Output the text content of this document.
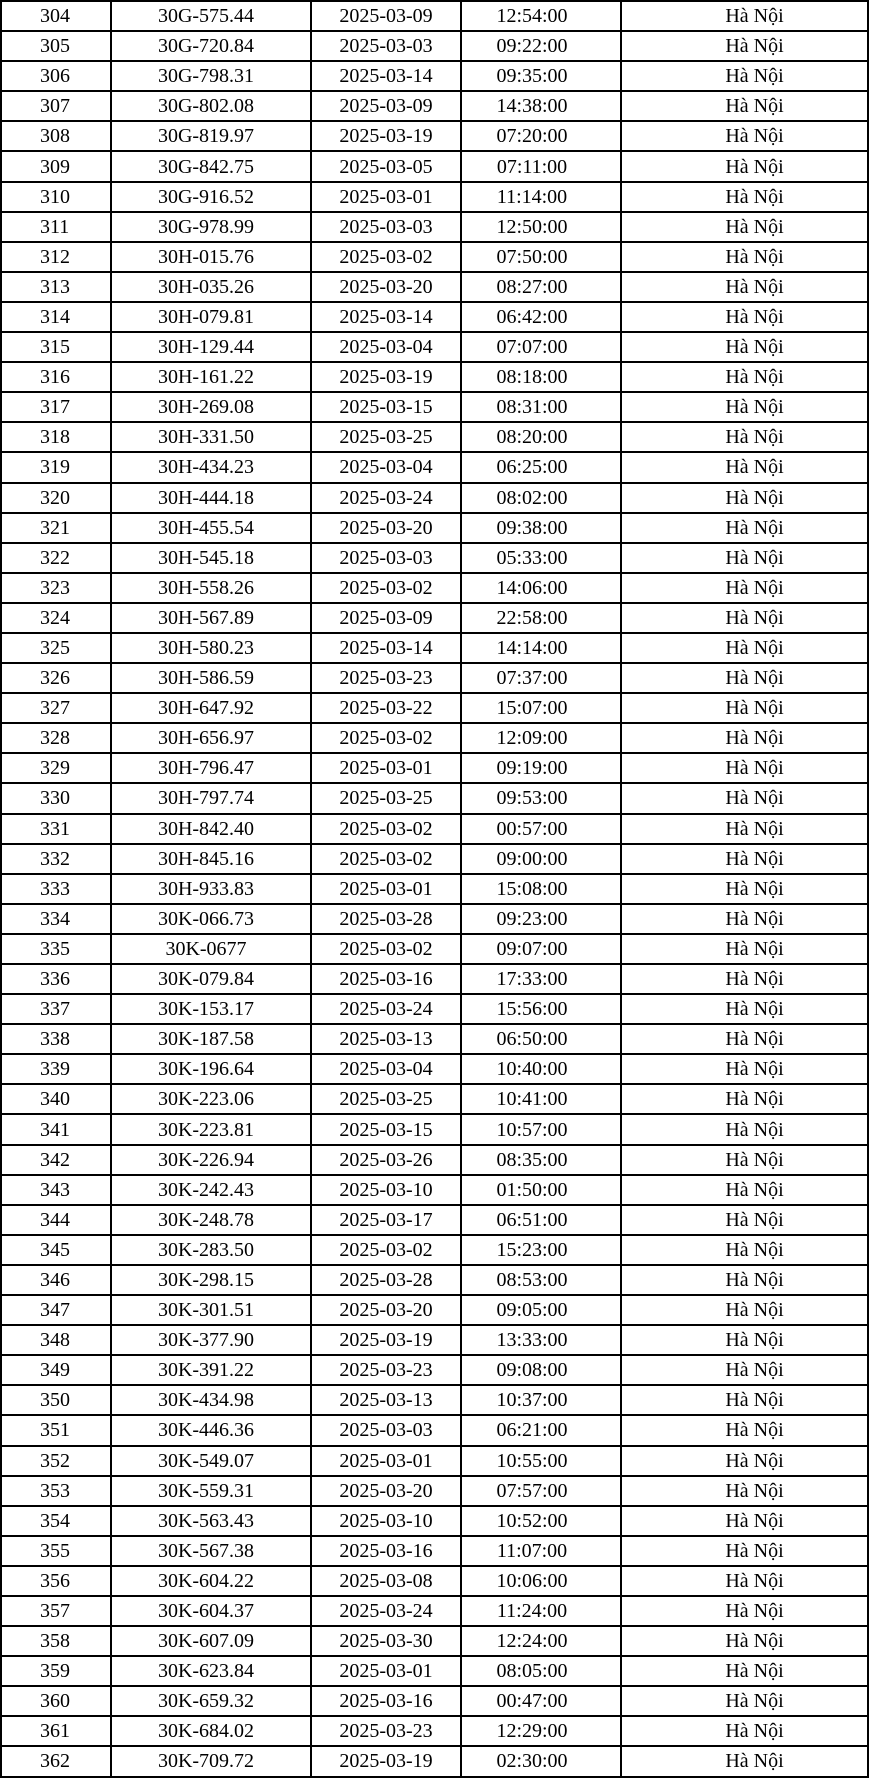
304	30G-575.44	2025-03-09	12:54:00	Hà Nội
305	30G-720.84	2025-03-03	09:22:00	Hà Nội
306	30G-798.31	2025-03-14	09:35:00	Hà Nội
307	30G-802.08	2025-03-09	14:38:00	Hà Nội
308	30G-819.97	2025-03-19	07:20:00	Hà Nội
309	30G-842.75	2025-03-05	07:11:00	Hà Nội
310	30G-916.52	2025-03-01	11:14:00	Hà Nội
311	30G-978.99	2025-03-03	12:50:00	Hà Nội
312	30H-015.76	2025-03-02	07:50:00	Hà Nội
313	30H-035.26	2025-03-20	08:27:00	Hà Nội
314	30H-079.81	2025-03-14	06:42:00	Hà Nội
315	30H-129.44	2025-03-04	07:07:00	Hà Nội
316	30H-161.22	2025-03-19	08:18:00	Hà Nội
317	30H-269.08	2025-03-15	08:31:00	Hà Nội
318	30H-331.50	2025-03-25	08:20:00	Hà Nội
319	30H-434.23	2025-03-04	06:25:00	Hà Nội
320	30H-444.18	2025-03-24	08:02:00	Hà Nội
321	30H-455.54	2025-03-20	09:38:00	Hà Nội
322	30H-545.18	2025-03-03	05:33:00	Hà Nội
323	30H-558.26	2025-03-02	14:06:00	Hà Nội
324	30H-567.89	2025-03-09	22:58:00	Hà Nội
325	30H-580.23	2025-03-14	14:14:00	Hà Nội
326	30H-586.59	2025-03-23	07:37:00	Hà Nội
327	30H-647.92	2025-03-22	15:07:00	Hà Nội
328	30H-656.97	2025-03-02	12:09:00	Hà Nội
329	30H-796.47	2025-03-01	09:19:00	Hà Nội
330	30H-797.74	2025-03-25	09:53:00	Hà Nội
331	30H-842.40	2025-03-02	00:57:00	Hà Nội
332	30H-845.16	2025-03-02	09:00:00	Hà Nội
333	30H-933.83	2025-03-01	15:08:00	Hà Nội
334	30K-066.73	2025-03-28	09:23:00	Hà Nội
335	30K-0677	2025-03-02	09:07:00	Hà Nội
336	30K-079.84	2025-03-16	17:33:00	Hà Nội
337	30K-153.17	2025-03-24	15:56:00	Hà Nội
338	30K-187.58	2025-03-13	06:50:00	Hà Nội
339	30K-196.64	2025-03-04	10:40:00	Hà Nội
340	30K-223.06	2025-03-25	10:41:00	Hà Nội
341	30K-223.81	2025-03-15	10:57:00	Hà Nội
342	30K-226.94	2025-03-26	08:35:00	Hà Nội
343	30K-242.43	2025-03-10	01:50:00	Hà Nội
344	30K-248.78	2025-03-17	06:51:00	Hà Nội
345	30K-283.50	2025-03-02	15:23:00	Hà Nội
346	30K-298.15	2025-03-28	08:53:00	Hà Nội
347	30K-301.51	2025-03-20	09:05:00	Hà Nội
348	30K-377.90	2025-03-19	13:33:00	Hà Nội
349	30K-391.22	2025-03-23	09:08:00	Hà Nội
350	30K-434.98	2025-03-13	10:37:00	Hà Nội
351	30K-446.36	2025-03-03	06:21:00	Hà Nội
352	30K-549.07	2025-03-01	10:55:00	Hà Nội
353	30K-559.31	2025-03-20	07:57:00	Hà Nội
354	30K-563.43	2025-03-10	10:52:00	Hà Nội
355	30K-567.38	2025-03-16	11:07:00	Hà Nội
356	30K-604.22	2025-03-08	10:06:00	Hà Nội
357	30K-604.37	2025-03-24	11:24:00	Hà Nội
358	30K-607.09	2025-03-30	12:24:00	Hà Nội
359	30K-623.84	2025-03-01	08:05:00	Hà Nội
360	30K-659.32	2025-03-16	00:47:00	Hà Nội
361	30K-684.02	2025-03-23	12:29:00	Hà Nội
362	30K-709.72	2025-03-19	02:30:00	Hà Nội
